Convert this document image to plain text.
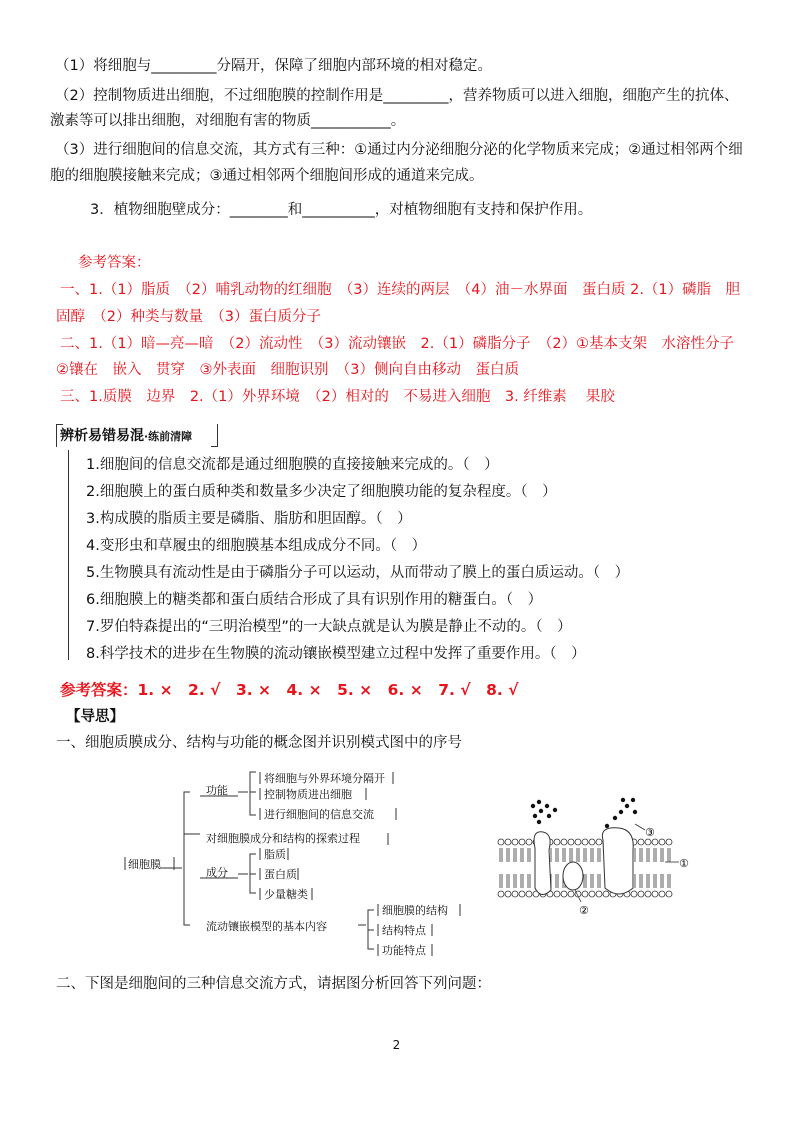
（1）将细胞与_________分隔开，保障了细胞内部环境的相对稳定。
（2）控制物质进出细胞，不过细胞膜的控制作用是_________，营养物质可以进入细胞，细胞产生的抗体、
激素等可以排出细胞，对细胞有害的物质___________。
（3）进行细胞间的信息交流，其方式有三种：①通过内分泌细胞分泌的化学物质来完成；②通过相邻两个细
胞的细胞膜接触来完成；③通过相邻两个细胞间形成的通道来完成。
3．植物细胞壁成分：________和__________，对植物细胞有支持和保护作用。
参考答案：
一、1.（1）脂质　（2）哺乳动物的红细胞　（3）连续的两层　（4）油－水界面　蛋白质 2.（1）磷脂　胆
固醇　（2）种类与数量　（3）蛋白质分子
二、1.（1）暗—亮—暗　（2）流动性　（3）流动镶嵌　2.（1）磷脂分子　（2）①基本支架　水溶性分子
②镶在　嵌入　贯穿　③外表面　细胞识别　（3）侧向自由移动　蛋白质
三、1.质膜　边界　2.（1）外界环境　（2）相对的　不易进入细胞　3. 纤维素　 果胶
辨析易错易混·练前清障
1.细胞间的信息交流都是通过细胞膜的直接接触来完成的。（　）
2.细胞膜上的蛋白质种类和数量多少决定了细胞膜功能的复杂程度。（　）
3.构成膜的脂质主要是磷脂、脂肪和胆固醇。（　）
4.变形虫和草履虫的细胞膜基本组成成分不同。（　）
5.生物膜具有流动性是由于磷脂分子可以运动，从而带动了膜上的蛋白质运动。（　）
6.细胞膜上的糖类都和蛋白质结合形成了具有识别作用的糖蛋白。（　）
7.罗伯特森提出的“三明治模型”的一大缺点就是认为膜是静止不动的。（　）
8.科学技术的进步在生物膜的流动镶嵌模型建立过程中发挥了重要作用。（　）
参考答案：1. ×　2. √　3. ×　4. ×　5. ×　6. ×　7. √　8. √
【导思】
一、细胞质膜成分、结构与功能的概念图并识别模式图中的序号
细胞膜
功能
将细胞与外界环境分隔开
控制物质进出细胞
进行细胞间的信息交流
对细胞膜成分和结构的探索过程
成分
脂质
蛋白质
少量糖类
流动镶嵌模型的基本内容
细胞膜的结构
结构特点
功能特点
①
②
③
二、下图是细胞间的三种信息交流方式，请据图分析回答下列问题：
2
